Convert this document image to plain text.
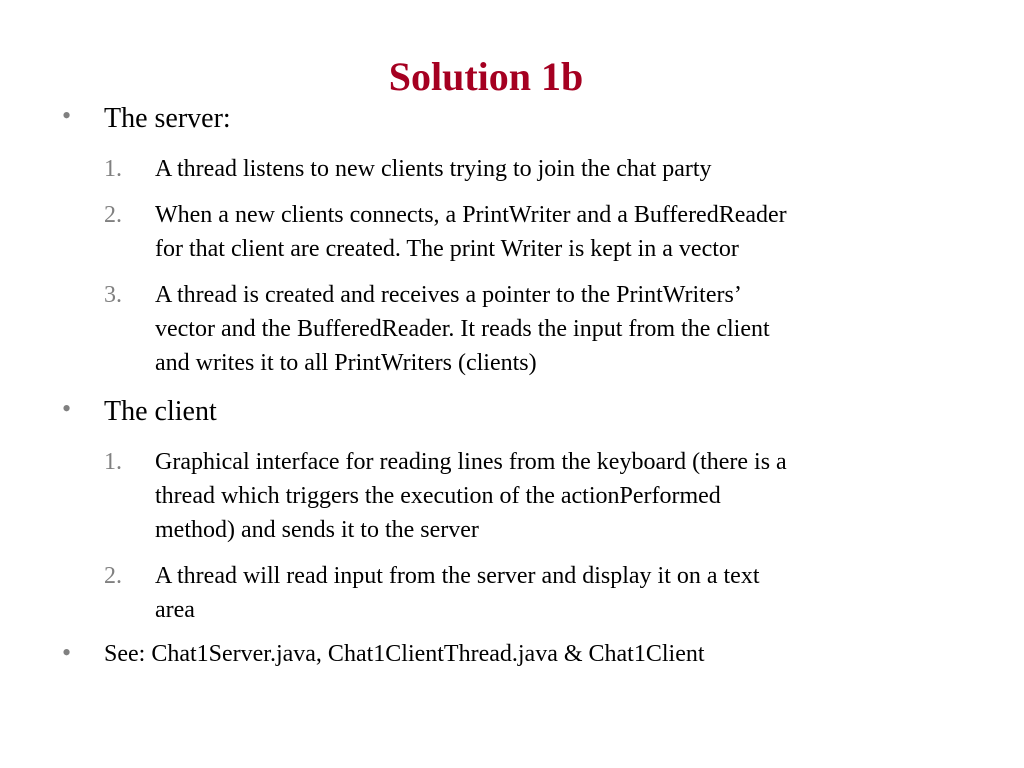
Solution 1b
• The server:
1. A thread listens to new clients trying to join the chat party
2. When a new clients connects, a PrintWriter and a BufferedReader
for that client are created. The print Writer is kept in a vector
3. A thread is created and receives a pointer to the PrintWriters’
vector and the BufferedReader. It reads the input from the client
and writes it to all PrintWriters (clients)
• The client
1. Graphical interface for reading lines from the keyboard (there is a
thread which triggers the execution of the actionPerformed
method) and sends it to the server
2. A thread will read input from the server and display it on a text
area
• See: Chat1Server.java, Chat1ClientThread.java & Chat1Client
